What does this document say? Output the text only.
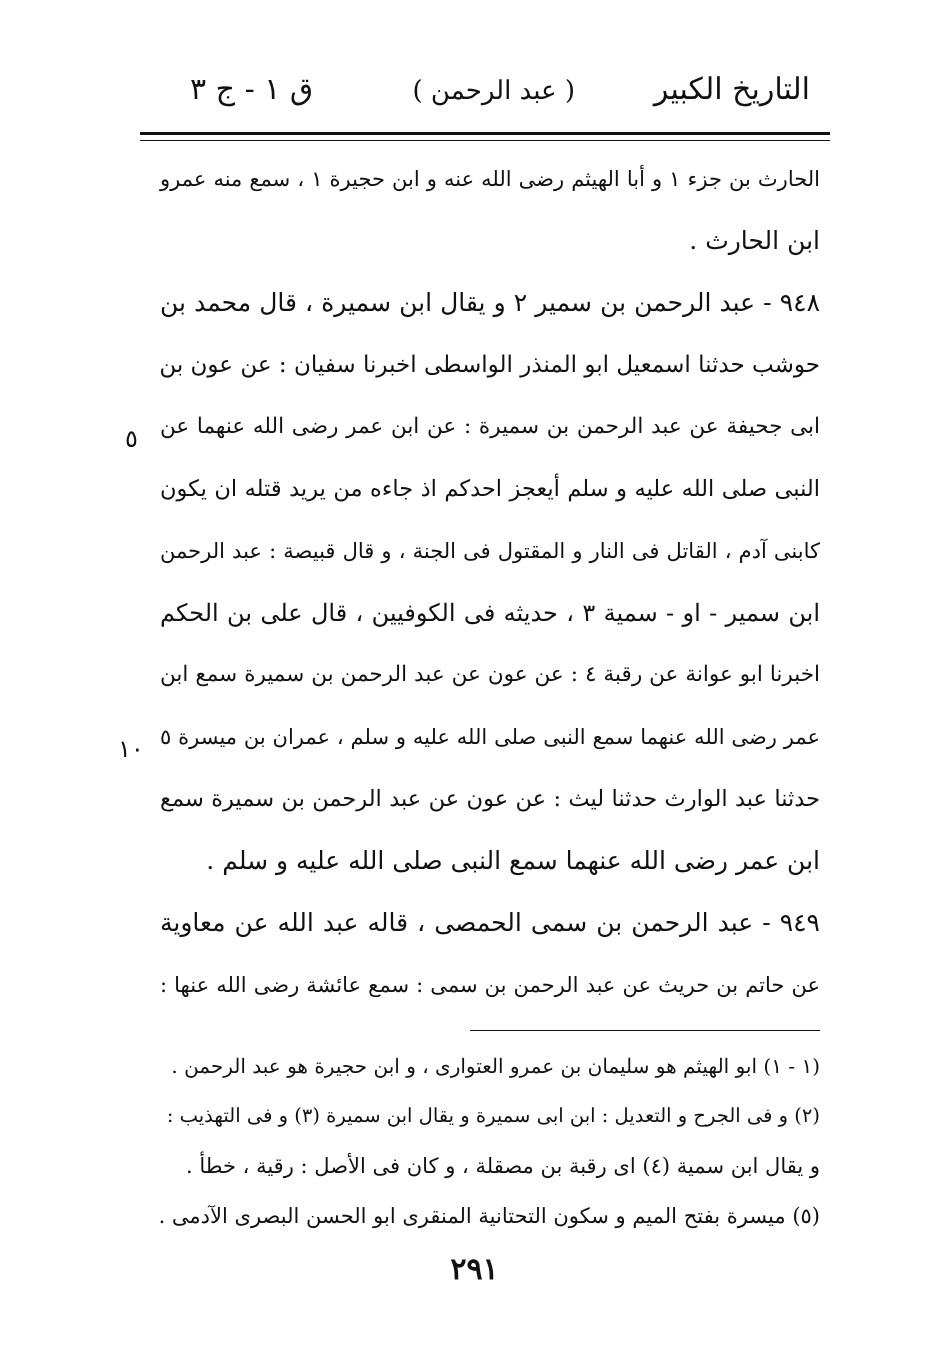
التاريخ الكبير
( عبد الرحمن )
ق ١ - ج ٣
الحارث بن جزء ١ و أبا الهيثم رضى الله عنه و ابن حجيرة ١ ، سمع منه عمرو
ابن الحارث .
٩٤٨ - عبد الرحمن بن سمير ٢ و يقال ابن سميرة ، قال محمد بن
حوشب حدثنا اسمعيل ابو المنذر الواسطى اخبرنا سفيان : عن عون بن
ابى جحيفة عن عبد الرحمن بن سميرة : عن ابن عمر رضى الله عنهما عن
النبى صلى الله عليه و سلم أيعجز احدكم اذ جاءه من يريد قتله ان يكون
كابنى آدم ، القاتل فى النار و المقتول فى الجنة ، و قال قبيصة : عبد الرحمن
ابن سمير - او - سمية ٣ ، حديثه فى الكوفيين ، قال على بن الحكم
اخبرنا ابو عوانة عن رقبة ٤ : عن عون عن عبد الرحمن بن سميرة سمع ابن
عمر رضى الله عنهما سمع النبى صلى الله عليه و سلم ، عمران بن ميسرة ٥
حدثنا عبد الوارث حدثنا ليث : عن عون عن عبد الرحمن بن سميرة سمع
ابن عمر رضى الله عنهما سمع النبى صلى الله عليه و سلم .
٩٤٩ - عبد الرحمن بن سمى الحمصى ، قاله عبد الله عن معاوية
عن حاتم بن حريث عن عبد الرحمن بن سمى : سمع عائشة رضى الله عنها :
٥
١٠
(١ - ١) ابو الهيثم هو سليمان بن عمرو العتوارى ، و ابن حجيرة هو عبد الرحمن .
(٢) و فى الجرح و التعديل : ابن ابى سميرة و يقال ابن سميرة (٣) و فى التهذيب :
و يقال ابن سمية (٤) اى رقبة بن مصقلة ، و كان فى الأصل : رقية ، خطأ .
(٥) ميسرة بفتح الميم و سكون التحتانية المنقرى ابو الحسن البصرى الآدمى .
٢٩١
